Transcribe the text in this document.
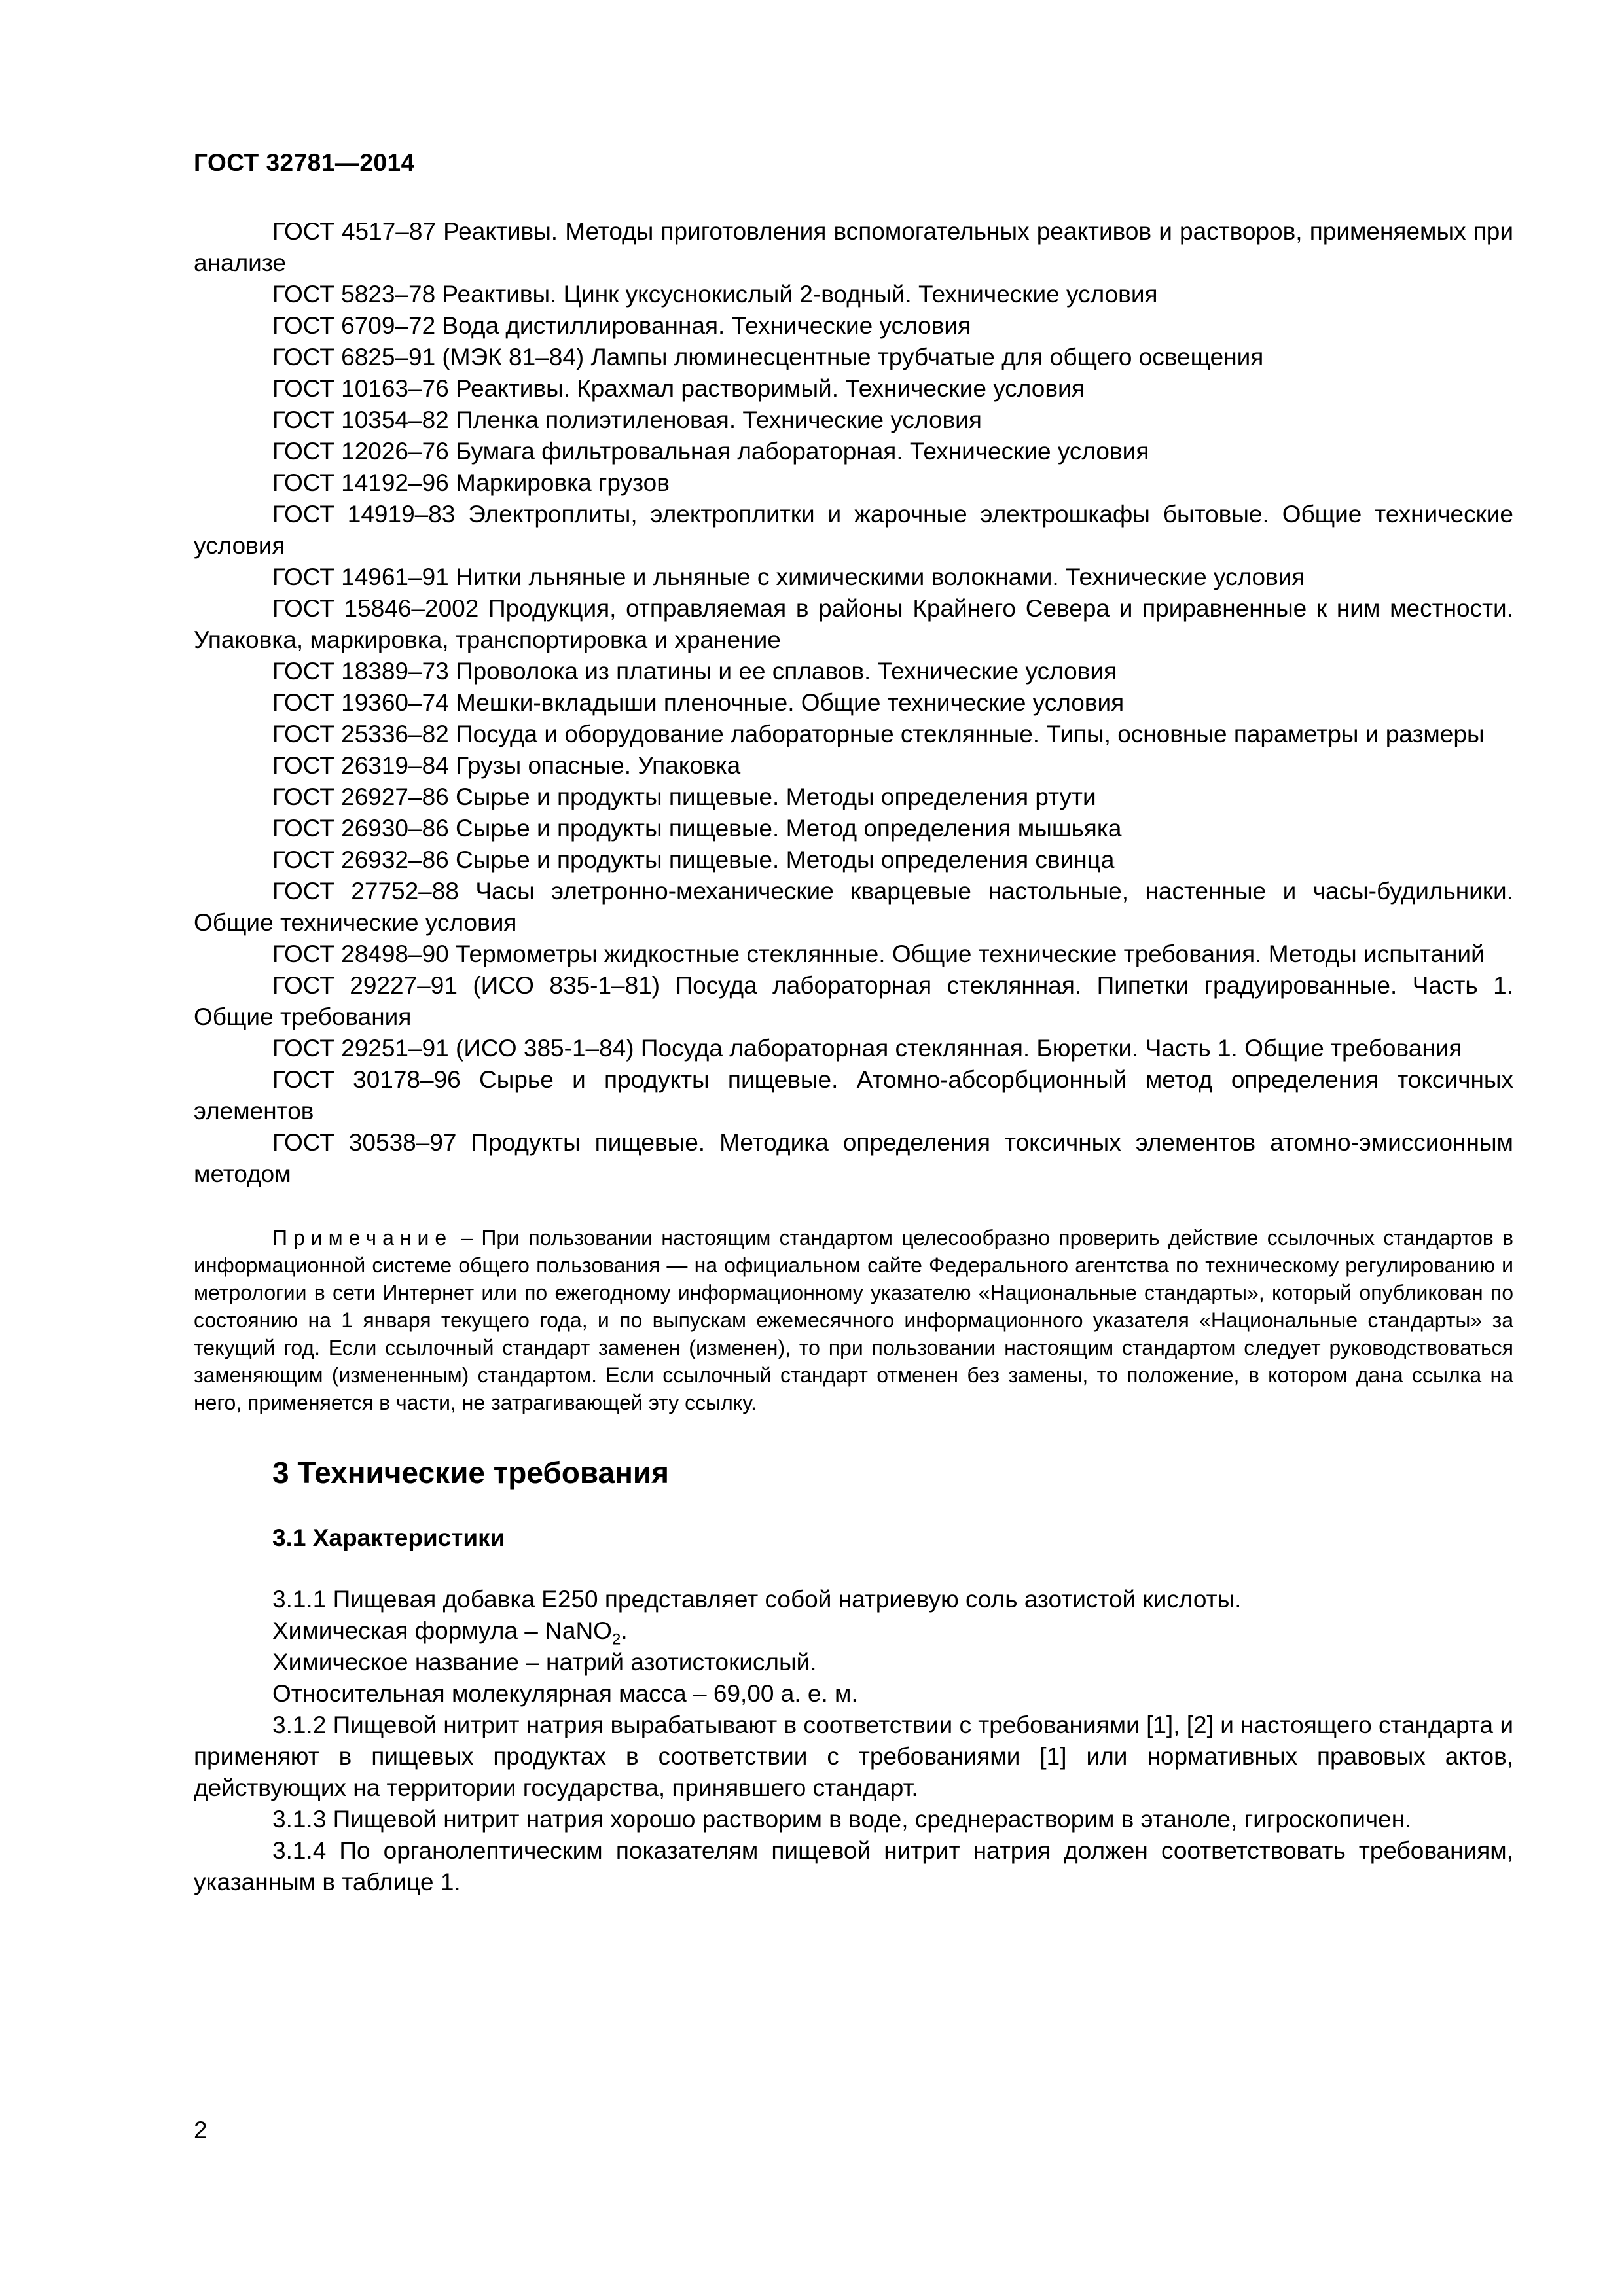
ГОСТ 32781—2014

ГОСТ 4517–87 Реактивы. Методы приготовления вспомогательных реактивов и растворов, применяемых при анализе

ГОСТ 5823–78 Реактивы. Цинк уксуснокислый 2-водный. Технические условия

ГОСТ 6709–72 Вода дистиллированная. Технические условия

ГОСТ 6825–91 (МЭК 81–84) Лампы люминесцентные трубчатые для общего освещения

ГОСТ 10163–76 Реактивы. Крахмал растворимый. Технические условия

ГОСТ 10354–82 Пленка полиэтиленовая. Технические условия

ГОСТ 12026–76 Бумага фильтровальная лабораторная. Технические условия

ГОСТ 14192–96 Маркировка грузов

ГОСТ 14919–83 Электроплиты, электроплитки и жарочные электрошкафы бытовые. Общие технические условия

ГОСТ 14961–91 Нитки льняные и льняные с химическими волокнами. Технические условия

ГОСТ 15846–2002 Продукция, отправляемая в районы Крайнего Севера и приравненные к ним местности. Упаковка, маркировка, транспортировка и хранение

ГОСТ 18389–73 Проволока из платины и ее сплавов. Технические условия

ГОСТ 19360–74 Мешки-вкладыши пленочные. Общие технические условия

ГОСТ 25336–82 Посуда и оборудование лабораторные стеклянные. Типы, основные параметры и размеры

ГОСТ 26319–84 Грузы опасные. Упаковка

ГОСТ 26927–86 Сырье и продукты пищевые. Методы определения ртути

ГОСТ 26930–86 Сырье и продукты пищевые. Метод определения мышьяка

ГОСТ 26932–86 Сырье и продукты пищевые. Методы определения свинца

ГОСТ 27752–88 Часы элетронно-механические кварцевые настольные, настенные и часы-будильники. Общие технические условия

ГОСТ 28498–90 Термометры жидкостные стеклянные. Общие технические требования. Методы испытаний

ГОСТ 29227–91 (ИСО 835-1–81) Посуда лабораторная стеклянная. Пипетки градуированные. Часть 1. Общие требования

ГОСТ 29251–91 (ИСО 385-1–84) Посуда лабораторная стеклянная. Бюретки. Часть 1. Общие требования

ГОСТ 30178–96 Сырье и продукты пищевые. Атомно-абсорбционный метод определения токсичных элементов

ГОСТ 30538–97 Продукты пищевые. Методика определения токсичных элементов атомно-эмиссионным методом

Примечание – При пользовании настоящим стандартом целесообразно проверить действие ссылочных стандартов в информационной системе общего пользования — на официальном сайте Федерального агентства по техническому регулированию и метрологии в сети Интернет или по ежегодному информационному указателю «Национальные стандарты», который опубликован по состоянию на 1 января текущего года, и по выпускам ежемесячного информационного указателя «Национальные стандарты» за текущий год. Если ссылочный стандарт заменен (изменен), то при пользовании настоящим стандартом следует руководствоваться заменяющим (измененным) стандартом. Если ссылочный стандарт отменен без замены, то положение, в котором дана ссылка на него, применяется в части, не затрагивающей эту ссылку.

3 Технические требования
3.1 Характеристики

3.1.1 Пищевая добавка Е250 представляет собой натриевую соль азотистой кислоты.

Химическая формула – NaNO$_2$.

Химическое название – натрий азотистокислый.

Относительная молекулярная масса – 69,00 а. е. м.

3.1.2 Пищевой нитрит натрия вырабатывают в соответствии с требованиями [1], [2] и настоящего стандарта и применяют в пищевых продуктах в соответствии с требованиями [1] или нормативных правовых актов, действующих на территории государства, принявшего стандарт.

3.1.3 Пищевой нитрит натрия хорошо растворим в воде, среднерастворим в этаноле, гигроскопичен.

3.1.4 По органолептическим показателям пищевой нитрит натрия должен соответствовать требованиям, указанным в таблице 1.

2
